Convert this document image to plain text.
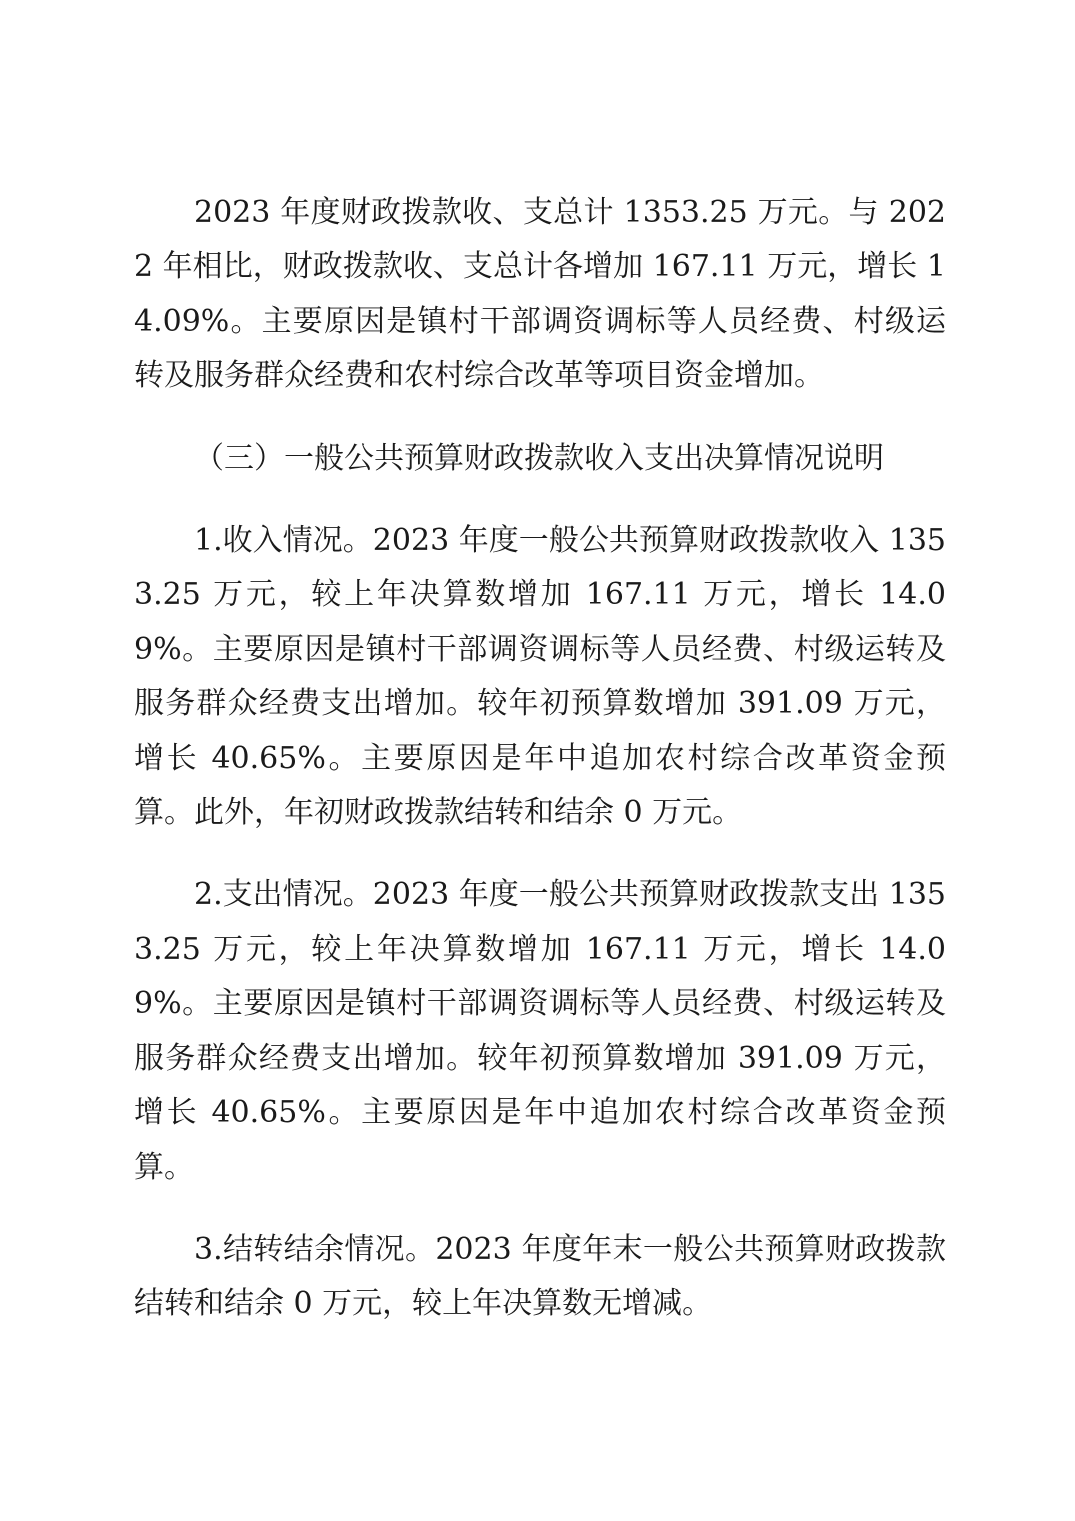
2023 年度财政拨款收、支总计 1353.25 万元。与 2022 年相比，财政拨款收、支总计各增加 167.11 万元，增长 14.09%。主要原因是镇村干部调资调标等人员经费、村级运转及服务群众经费和农村综合改革等项目资金增加。

（三）一般公共预算财政拨款收入支出决算情况说明

1.收入情况。2023 年度一般公共预算财政拨款收入 1353.25 万元，较上年决算数增加 167.11 万元，增长 14.09%。主要原因是镇村干部调资调标等人员经费、村级运转及服务群众经费支出增加。较年初预算数增加 391.09 万元，增长 40.65%。主要原因是年中追加农村综合改革资金预算。此外，年初财政拨款结转和结余 0 万元。

2.支出情况。2023 年度一般公共预算财政拨款支出 1353.25 万元，较上年决算数增加 167.11 万元，增长 14.09%。主要原因是镇村干部调资调标等人员经费、村级运转及服务群众经费支出增加。较年初预算数增加 391.09 万元，增长 40.65%。主要原因是年中追加农村综合改革资金预算。

3.结转结余情况。2023 年度年末一般公共预算财政拨款结转和结余 0 万元，较上年决算数无增减。
